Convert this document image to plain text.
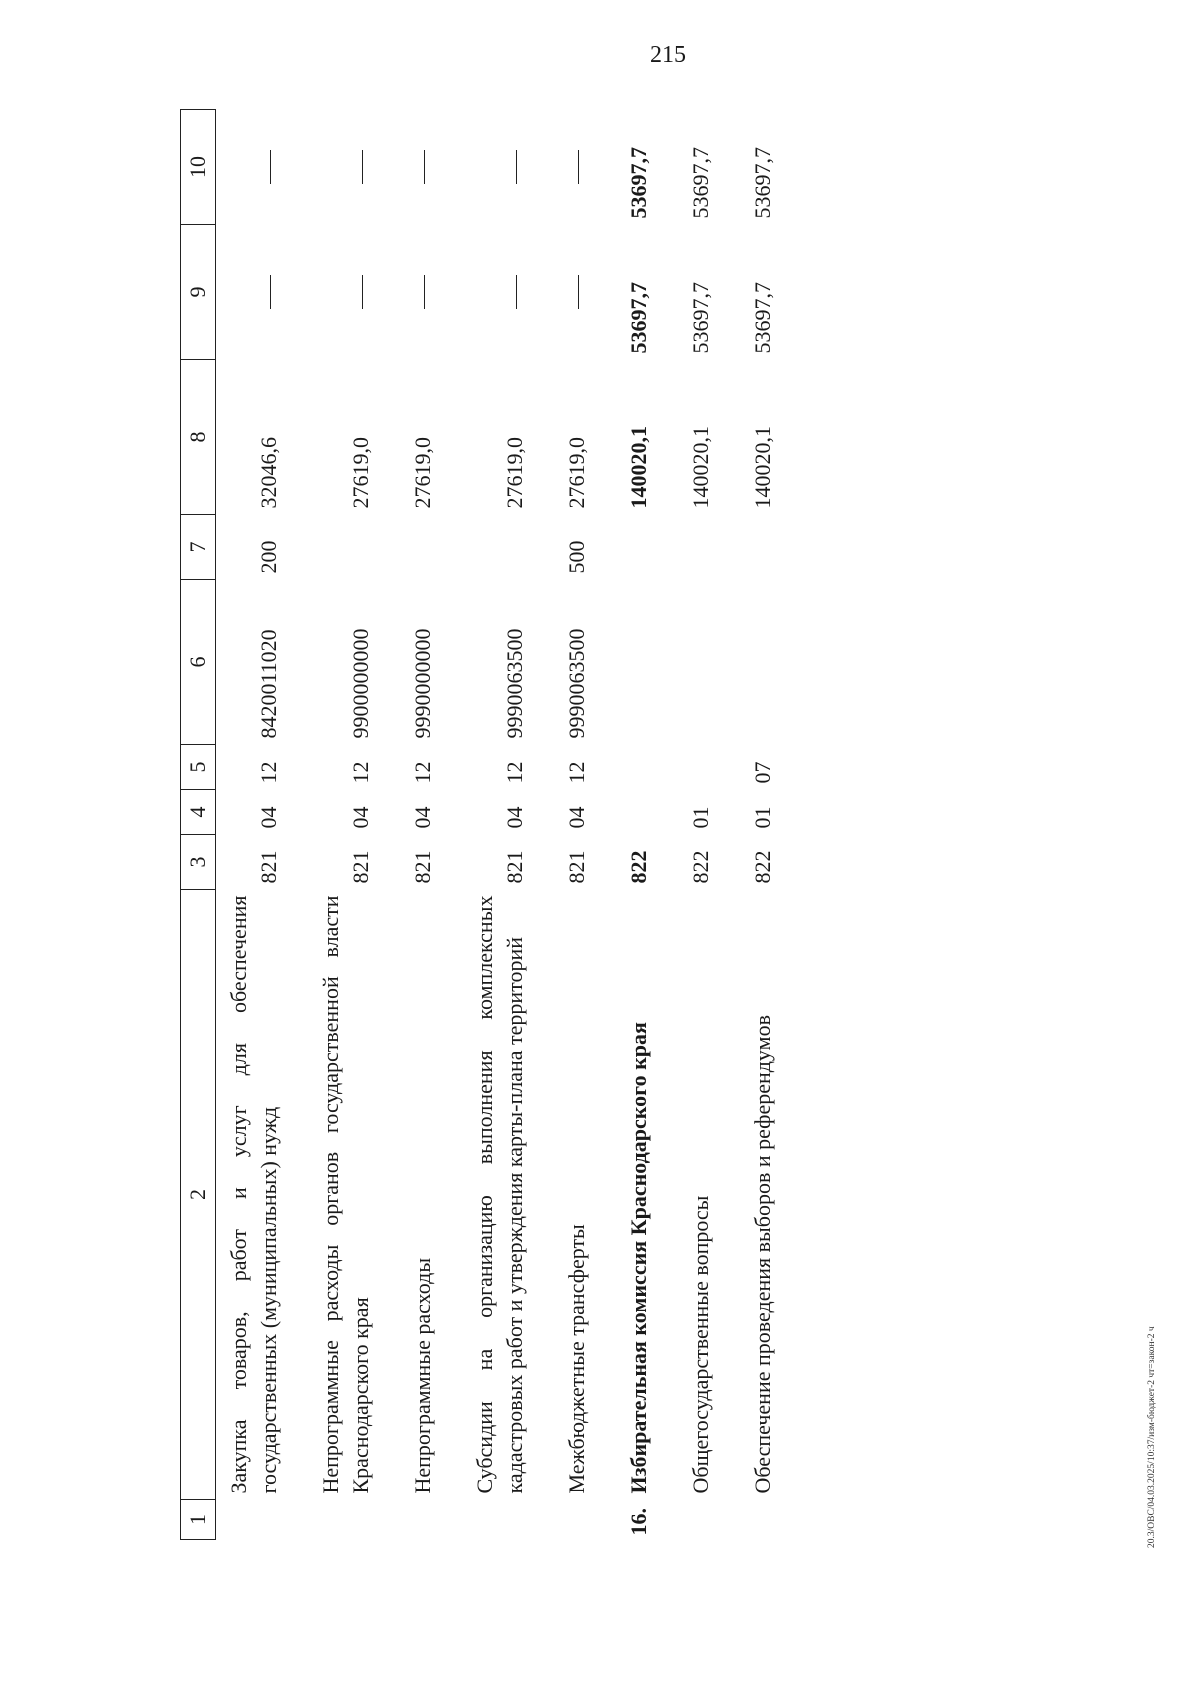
215
1	2	3	4	5	6	7	8	9	10
	Закупка товаров, работ и услуг для обеспечения государственных (муниципальных) нужд	821	04	12	8420011020	200	32046,6		

	Непрограммные расходы органов государственной власти Краснодарского края	821	04	12	9900000000		27619,0		

	Непрограммные расходы	821	04	12	9990000000		27619,0		

	Субсидии на организацию выполнения комплексных кадастровых работ и утверждения карты-плана территорий	821	04	12	9990063500		27619,0		

	Межбюджетные трансферты	821	04	12	9990063500	500	27619,0		

16.	Избирательная комиссия Краснодарского края	822					140020,1	53697,7	53697,7

	Общегосударственные вопросы	822	01				140020,1	53697,7	53697,7

	Обеспечение проведения выборов и референдумов	822	01	07			140020,1	53697,7	53697,7
20.3/ОВС/04.03.2025/10:37/изм-бюджет-2 чт=закон-2 ч
